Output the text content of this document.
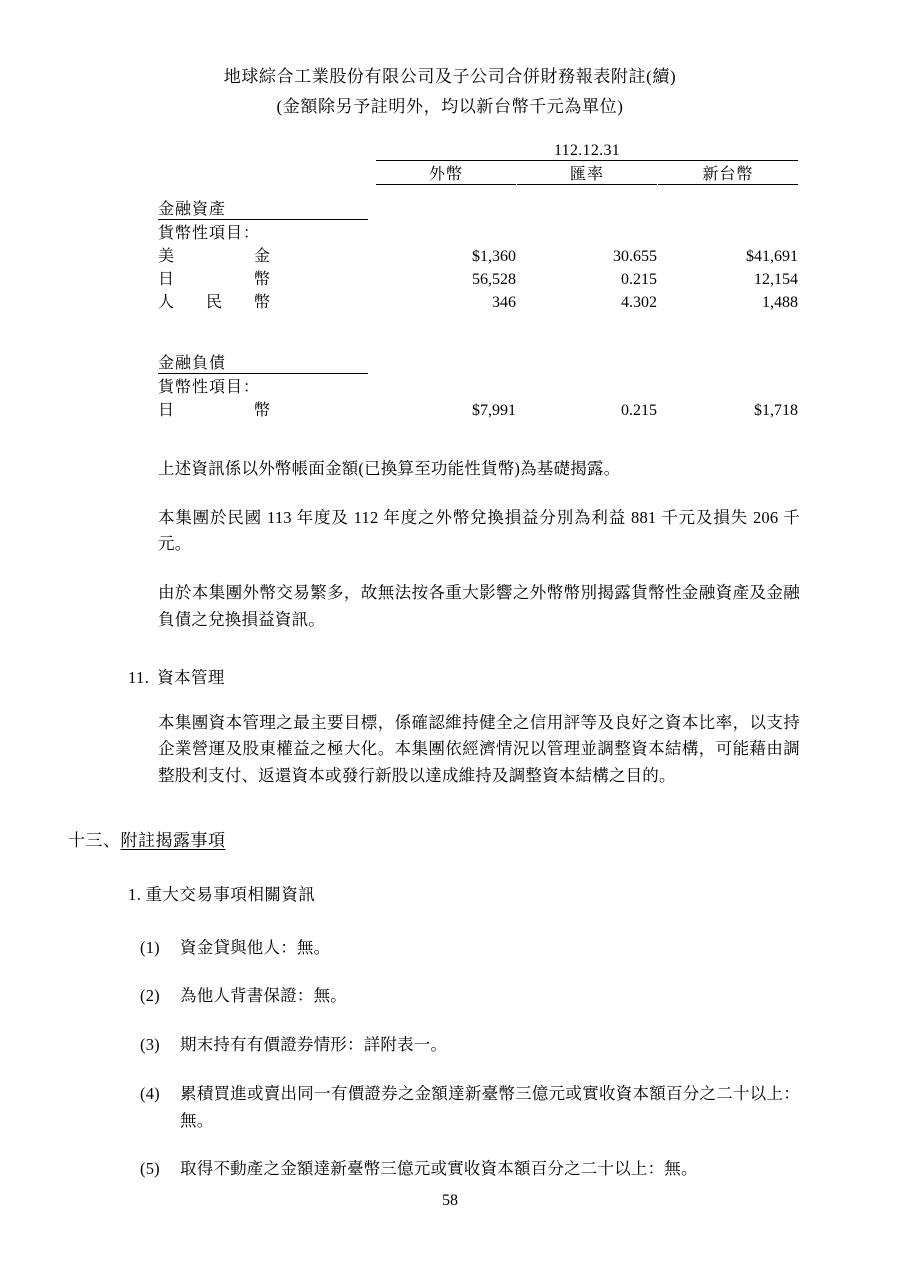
地球綜合工業股份有限公司及子公司合併財務報表附註(續)
(金額除另予註明外，均以新台幣千元為單位)
	112.12.31		
	外幣		匯率		新台幣

金融資產			

貨幣性項目：			
美金	$1,360		30.655		$41,691
日幣	56,528		0.215		12,154
人民幣	346		4.302		1,488

金融負債			

貨幣性項目：			
日幣	$7,991		0.215		$1,718

上述資訊係以外幣帳面金額(已換算至功能性貨幣)為基礎揭露。

本集團於民國 113 年度及 112 年度之外幣兌換損益分別為利益 881 千元及損失 206 千元。

由於本集團外幣交易繁多，故無法按各重大影響之外幣幣別揭露貨幣性金融資產及金融負債之兌換損益資訊。

11. 資本管理

本集團資本管理之最主要目標，係確認維持健全之信用評等及良好之資本比率，以支持企業營運及股東權益之極大化。本集團依經濟情況以管理並調整資本結構，可能藉由調整股利支付、返還資本或發行新股以達成維持及調整資本結構之目的。

十三、附註揭露事項
1. 重大交易事項相關資訊
(1)	資金貸與他人：無。
(2)	為他人背書保證：無。
(3)	期末持有有價證券情形：詳附表一。
(4)	累積買進或賣出同一有價證券之金額達新臺幣三億元或實收資本額百分之二十以上：無。
(5)	取得不動產之金額達新臺幣三億元或實收資本額百分之二十以上：無。
58
